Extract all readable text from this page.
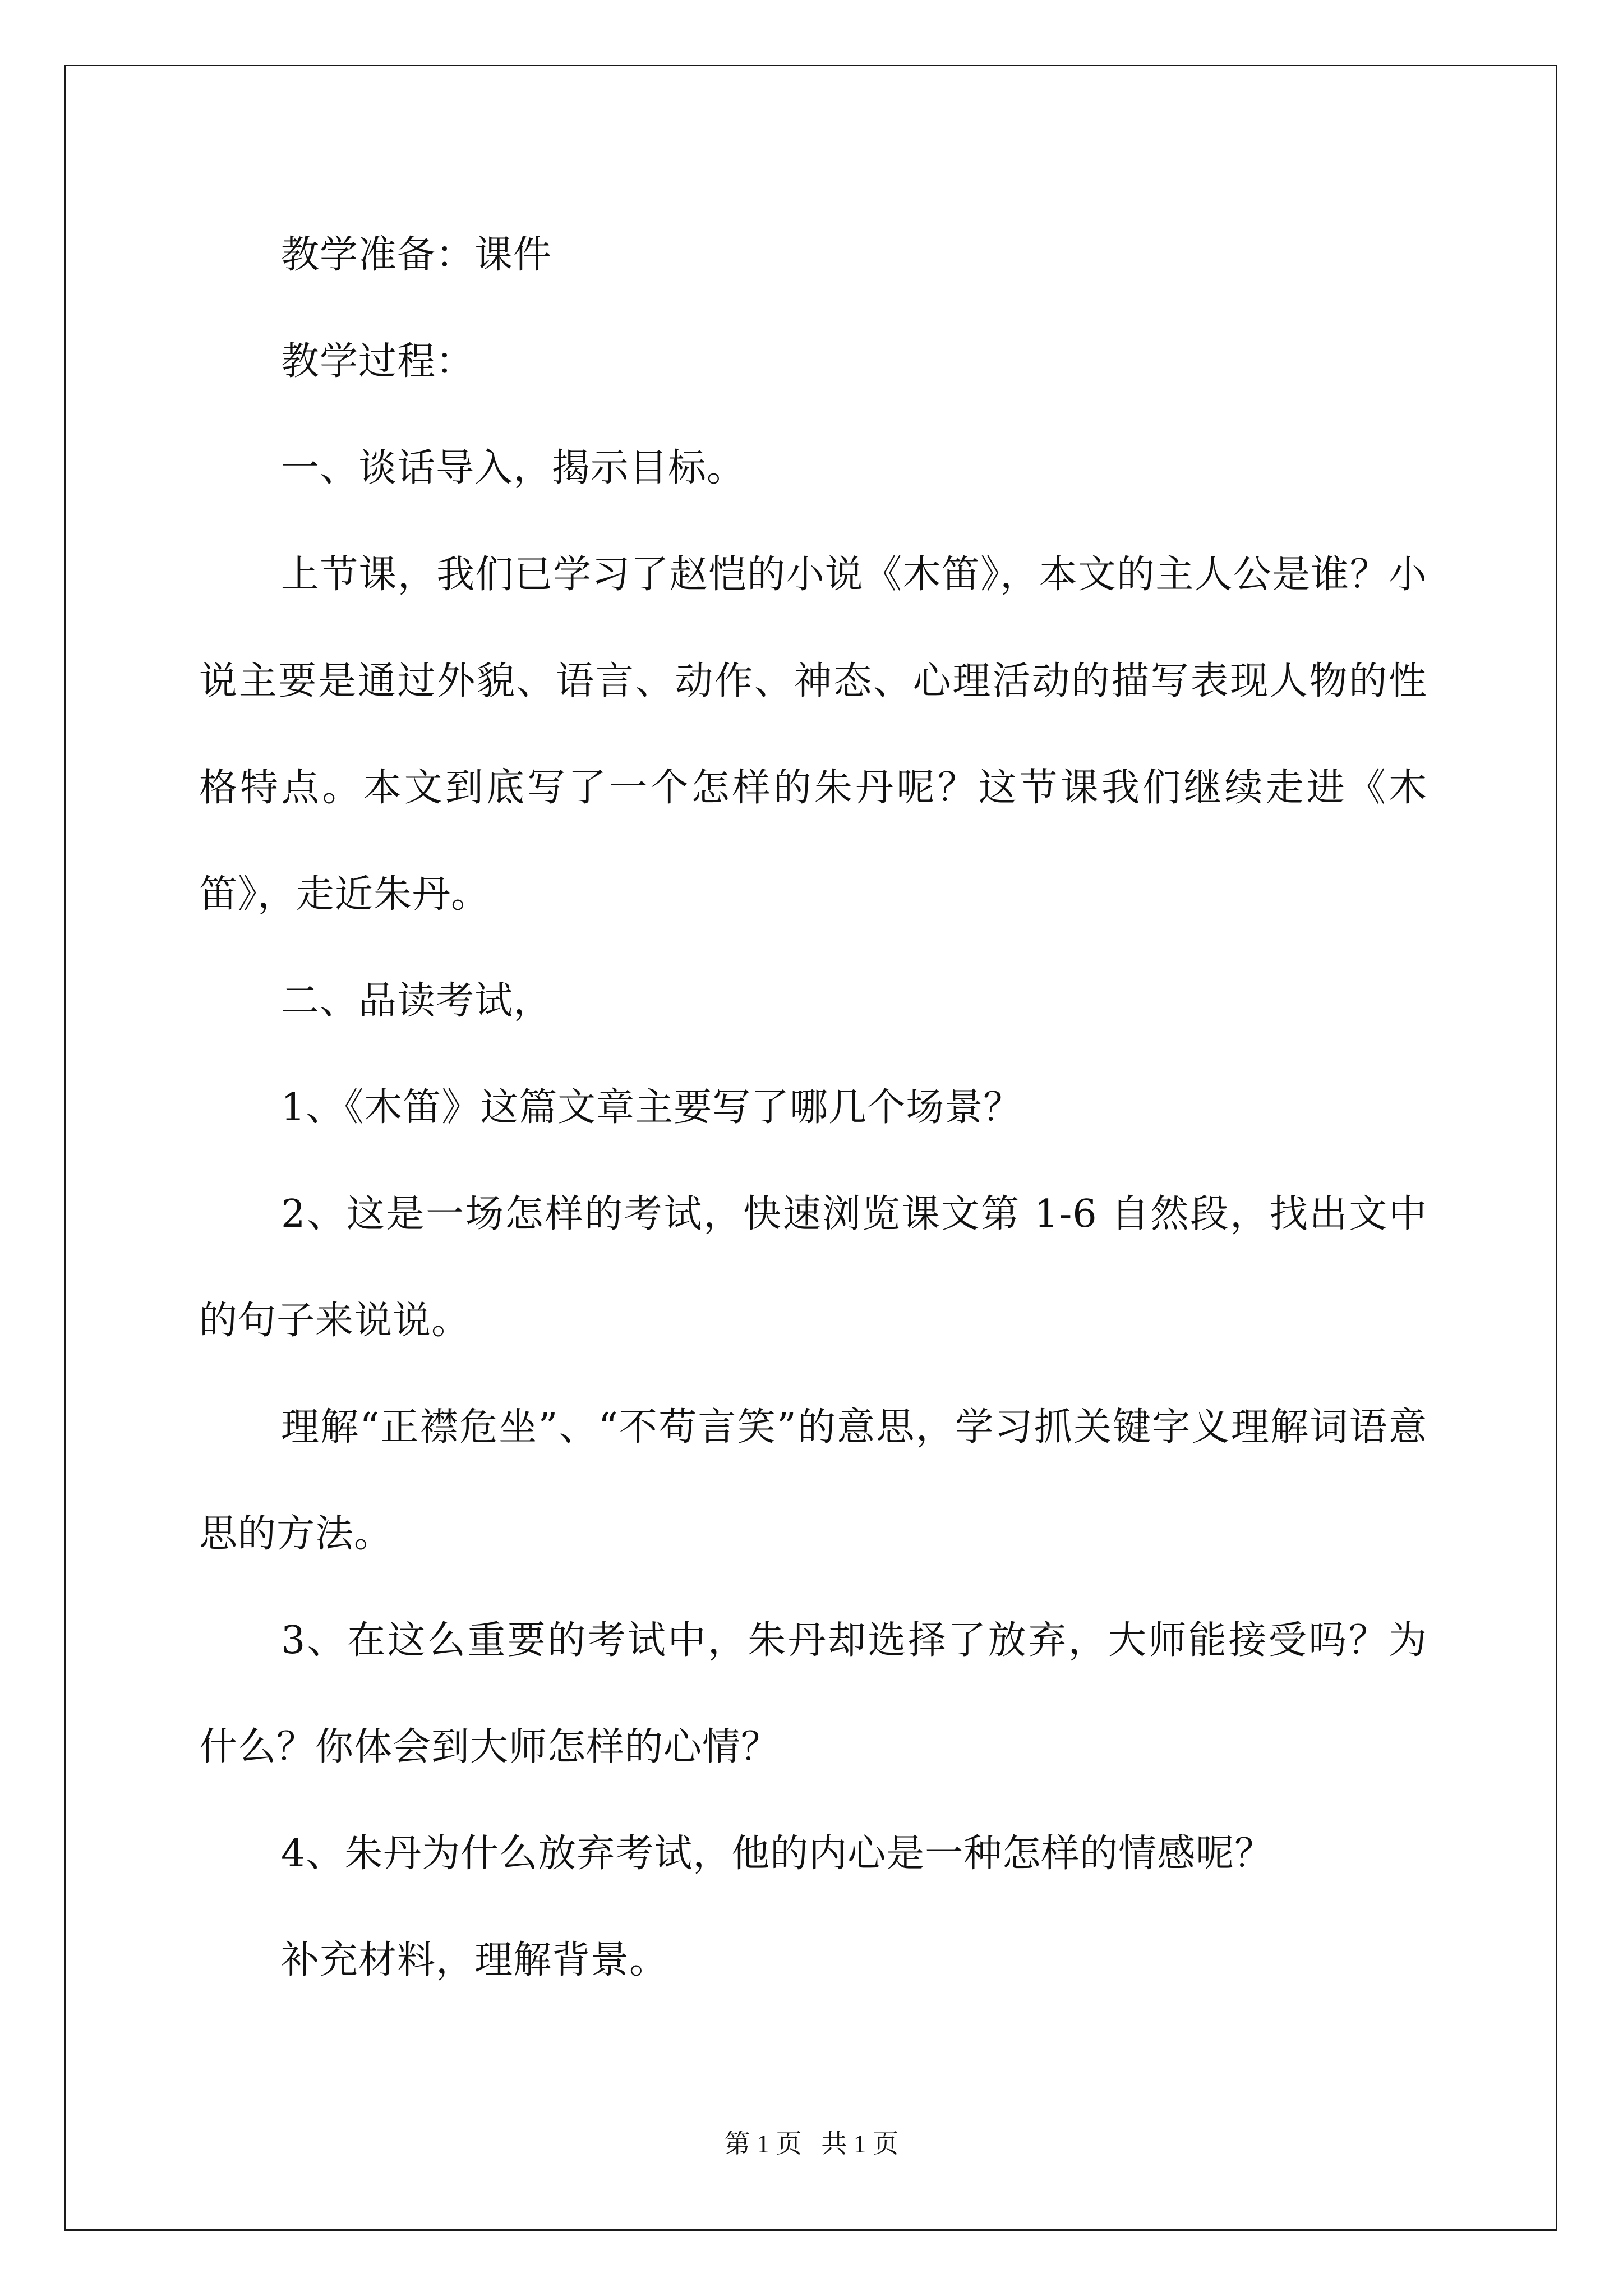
教学准备：课件

教学过程：

一、谈话导入，揭示目标。

上节课，我们已学习了赵恺的小说《木笛》，本文的主人公是谁？小说主要是通过外貌、语言、动作、神态、心理活动的描写表现人物的性格特点。本文到底写了一个怎样的朱丹呢？这节课我们继续走进《木笛》，走近朱丹。

二、品读考试，

1、《木笛》这篇文章主要写了哪几个场景？

2、这是一场怎样的考试，快速浏览课文第 1-6 自然段，找出文中的句子来说说。

理解“正襟危坐”、“不苟言笑”的意思，学习抓关键字义理解词语意思的方法。

3、在这么重要的考试中，朱丹却选择了放弃，大师能接受吗？为什么？你体会到大师怎样的心情？

4、朱丹为什么放弃考试，他的内心是一种怎样的情感呢？

补充材料，理解背景。

第 1 页   共 1 页
